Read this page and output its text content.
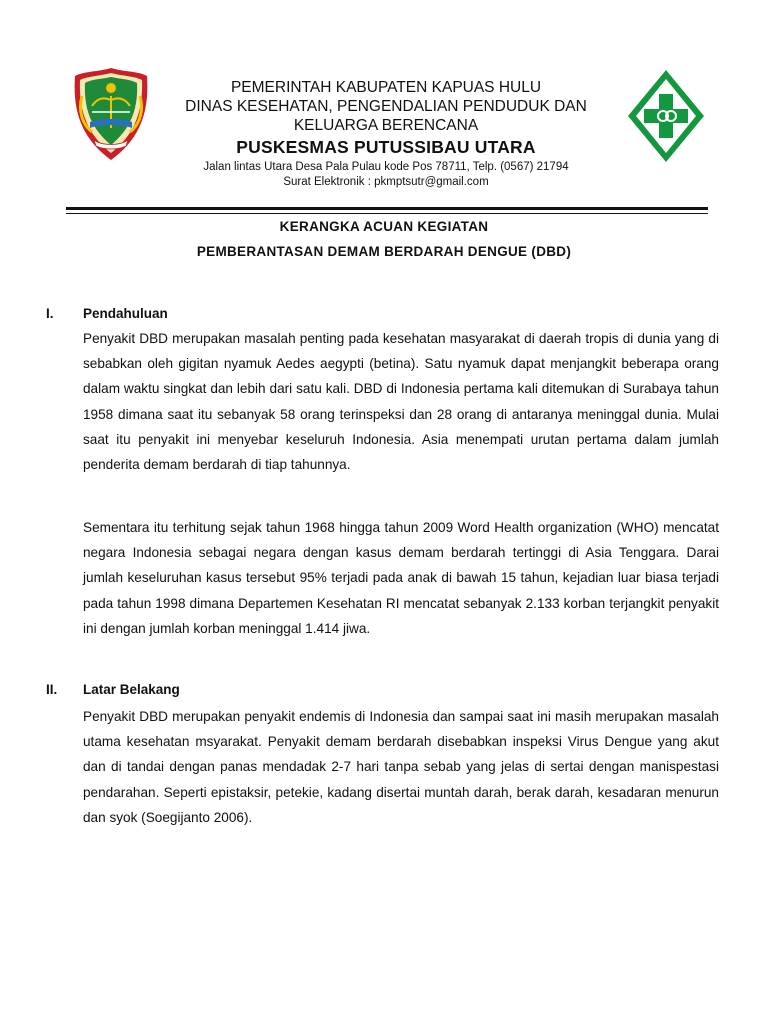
PEMERINTAH KABUPATEN KAPUAS HULU
DINAS KESEHATAN, PENGENDALIAN PENDUDUK DAN
KELUARGA BERENCANA
PUSKESMAS PUTUSSIBAU UTARA
Jalan lintas Utara Desa Pala Pulau kode Pos 78711, Telp. (0567) 21794
Surat Elektronik : pkmptsutr@gmail.com
KERANGKA ACUAN KEGIATAN
PEMBERANTASAN DEMAM BERDARAH DENGUE (DBD)
I. Pendahuluan

Penyakit DBD merupakan masalah penting pada kesehatan masyarakat di daerah tropis di dunia yang di sebabkan oleh gigitan nyamuk Aedes aegypti (betina). Satu nyamuk dapat menjangkit beberapa orang dalam waktu singkat dan lebih dari satu kali. DBD di Indonesia pertama kali ditemukan di Surabaya tahun 1958 dimana saat itu sebanyak 58 orang terinspeksi dan 28 orang di antaranya meninggal dunia. Mulai saat itu penyakit ini menyebar keseluruh Indonesia. Asia menempati urutan pertama dalam jumlah penderita demam berdarah di tiap tahunnya.

Sementara itu terhitung sejak tahun 1968 hingga tahun 2009 Word Health organization (WHO) mencatat negara Indonesia sebagai negara dengan kasus demam berdarah tertinggi di Asia Tenggara. Darai jumlah keseluruhan kasus tersebut 95% terjadi pada anak di bawah 15 tahun, kejadian luar biasa terjadi pada tahun 1998 dimana Departemen Kesehatan RI mencatat sebanyak 2.133 korban terjangkit penyakit ini dengan jumlah korban meninggal 1.414 jiwa.

II. Latar Belakang

Penyakit DBD merupakan penyakit endemis di Indonesia dan sampai saat ini masih merupakan masalah utama kesehatan msyarakat. Penyakit demam berdarah disebabkan inspeksi Virus Dengue yang akut dan di tandai dengan panas mendadak 2-7 hari tanpa sebab yang jelas di sertai dengan manispestasi pendarahan. Seperti epistaksir, petekie, kadang disertai muntah darah, berak darah, kesadaran menurun dan syok (Soegijanto 2006).
